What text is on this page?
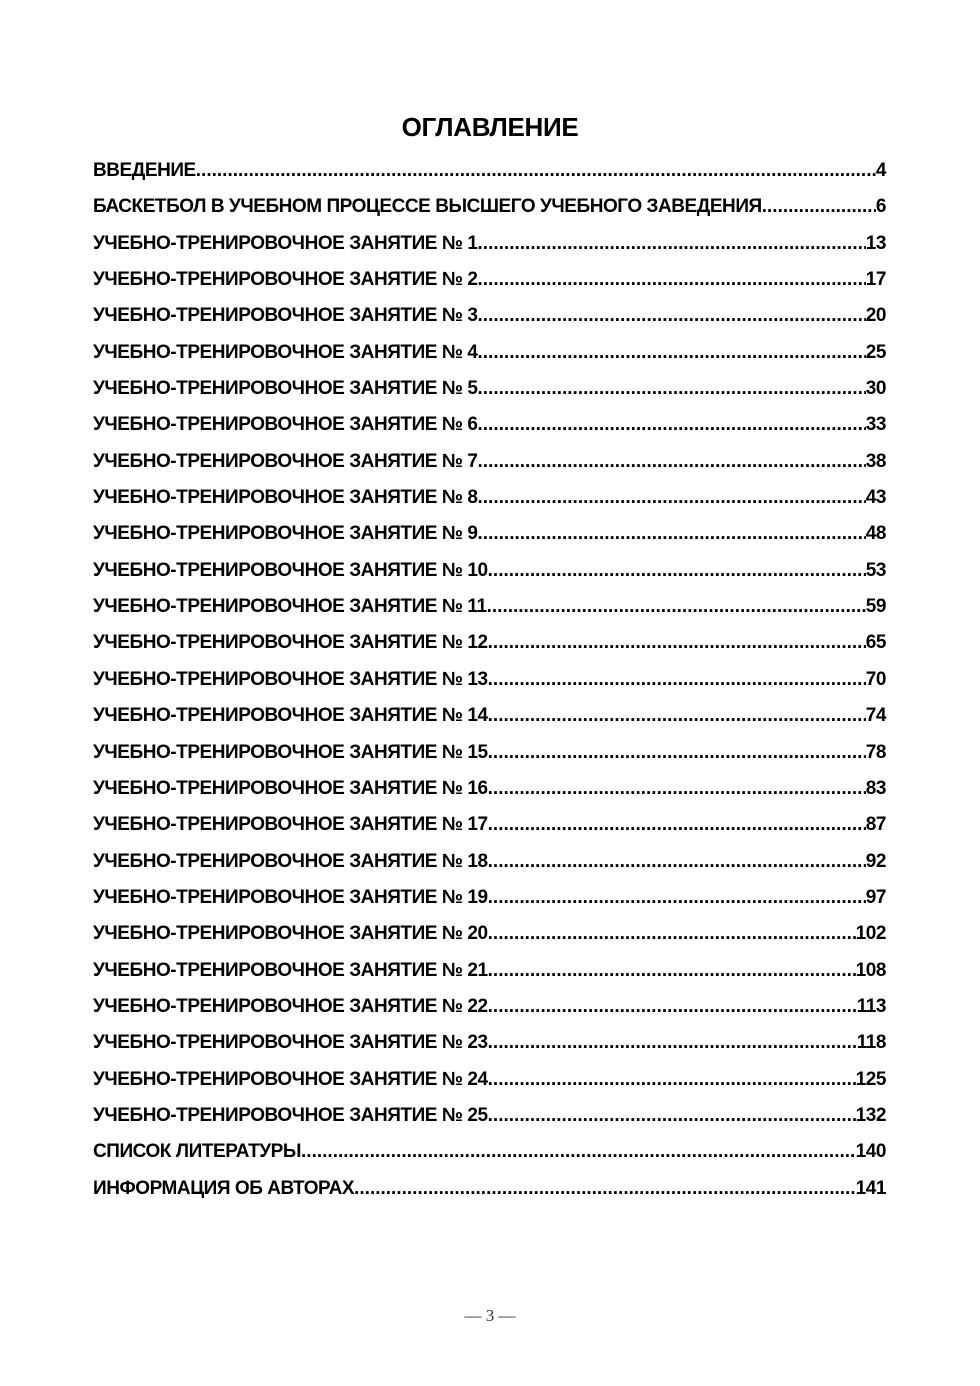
ОГЛАВЛЕНИЕ
ВВЕДЕНИЕ .....	4
БАСКЕТБОЛ В УЧЕБНОМ ПРОЦЕССЕ ВЫСШЕГО УЧЕБНОГО ЗАВЕДЕНИЯ .....	6
УЧЕБНО-ТРЕНИРОВОЧНОЕ ЗАНЯТИЕ № 1 .....	13
УЧЕБНО-ТРЕНИРОВОЧНОЕ ЗАНЯТИЕ № 2 .....	17
УЧЕБНО-ТРЕНИРОВОЧНОЕ ЗАНЯТИЕ № 3 .....	20
УЧЕБНО-ТРЕНИРОВОЧНОЕ ЗАНЯТИЕ № 4 .....	25
УЧЕБНО-ТРЕНИРОВОЧНОЕ ЗАНЯТИЕ № 5 .....	30
УЧЕБНО-ТРЕНИРОВОЧНОЕ ЗАНЯТИЕ № 6 .....	33
УЧЕБНО-ТРЕНИРОВОЧНОЕ ЗАНЯТИЕ № 7 .....	38
УЧЕБНО-ТРЕНИРОВОЧНОЕ ЗАНЯТИЕ № 8 .....	43
УЧЕБНО-ТРЕНИРОВОЧНОЕ ЗАНЯТИЕ № 9 .....	48
УЧЕБНО-ТРЕНИРОВОЧНОЕ ЗАНЯТИЕ № 10 .....	53
УЧЕБНО-ТРЕНИРОВОЧНОЕ ЗАНЯТИЕ № 11 .....	59
УЧЕБНО-ТРЕНИРОВОЧНОЕ ЗАНЯТИЕ № 12 .....	65
УЧЕБНО-ТРЕНИРОВОЧНОЕ ЗАНЯТИЕ № 13 .....	70
УЧЕБНО-ТРЕНИРОВОЧНОЕ ЗАНЯТИЕ № 14 .....	74
УЧЕБНО-ТРЕНИРОВОЧНОЕ ЗАНЯТИЕ № 15 .....	78
УЧЕБНО-ТРЕНИРОВОЧНОЕ ЗАНЯТИЕ № 16 .....	83
УЧЕБНО-ТРЕНИРОВОЧНОЕ ЗАНЯТИЕ № 17 .....	87
УЧЕБНО-ТРЕНИРОВОЧНОЕ ЗАНЯТИЕ № 18 .....	92
УЧЕБНО-ТРЕНИРОВОЧНОЕ ЗАНЯТИЕ № 19 .....	97
УЧЕБНО-ТРЕНИРОВОЧНОЕ ЗАНЯТИЕ № 20 .....	102
УЧЕБНО-ТРЕНИРОВОЧНОЕ ЗАНЯТИЕ № 21 .....	108
УЧЕБНО-ТРЕНИРОВОЧНОЕ ЗАНЯТИЕ № 22 .....	113
УЧЕБНО-ТРЕНИРОВОЧНОЕ ЗАНЯТИЕ № 23 .....	118
УЧЕБНО-ТРЕНИРОВОЧНОЕ ЗАНЯТИЕ № 24 .....	125
УЧЕБНО-ТРЕНИРОВОЧНОЕ ЗАНЯТИЕ № 25 .....	132
СПИСОК ЛИТЕРАТУРЫ .....	140
ИНФОРМАЦИЯ ОБ АВТОРАХ .....	141
— 3 —
